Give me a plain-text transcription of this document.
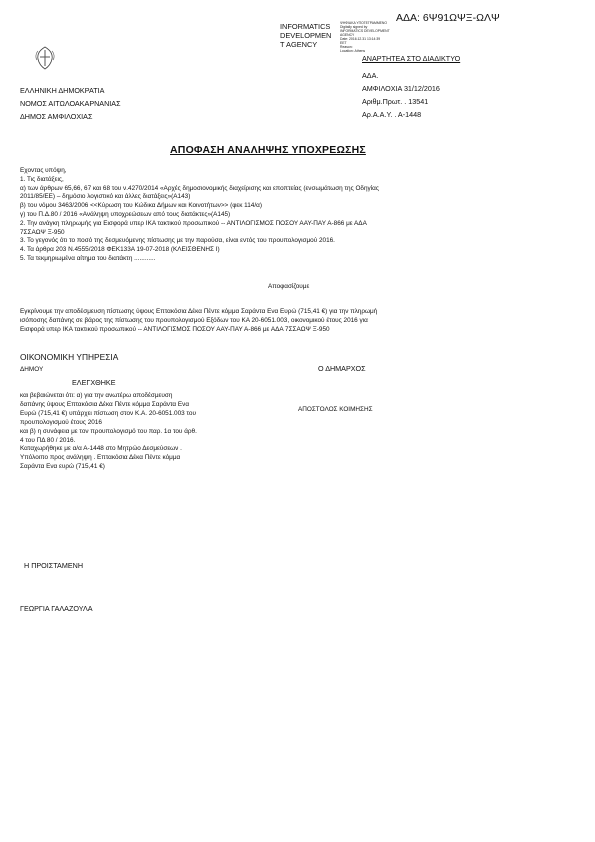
ΑΔΑ: 6Ψ91ΩΨΞ-ΩΛΨ
INFORMATICS
DEVELOPMEN
T AGENCY
ΨΗΦΙΑΚΑ ΥΠΟΓΕΓΡΑΜΜΕΝΟ
Digitally signed by
INFORMATICS DEVELOPMENT
AGENCY
Date: 2016.12.31 13:14:39
EET
Reason:
Location: Athens
ΑΝΑΡΤΗΤΕΑ ΣΤΟ ΔΙΑΔΙΚΤΥΟ
ΕΛΛΗΝΙΚΗ ΔΗΜΟΚΡΑΤΙΑ
ΝΟΜΟΣ ΑΙΤΩΛΟΑΚΑΡΝΑΝΙΑΣ
ΔΗΜΟΣ ΑΜΦΙΛΟΧΙΑΣ
ΑΔΑ.
ΑΜΦΙΛΟΧΙΑ 31/12/2016
Αριθμ.Πρωτ. . 13541
Αρ.Α.Α.Υ. . Α-1448
ΑΠΟΦΑΣΗ ΑΝΑΛΗΨΗΣ ΥΠΟΧΡΕΩΣΗΣ
Εχοντας υπόψη,
1. Τις διατάξεις,
α) των άρθρων 65,66, 67 και 68 του ν.4270/2014 «Αρχές δημοσιονομικής διαχείρισης και εποπτείας (ενσωμάτωση της Οδηγίας
2011/85/ΕΕ) – δημόσιο λογιστικό και άλλες διατάξεις»(Α143)
β) του νόμου 3463/2006 <<Κύρωση του Κώδικα Δήμων και Κοινοτήτων>> (φεκ 114/α)
γ) του Π.Δ.80 / 2016 «Ανάληψη υποχρεώσεων από τους διατάκτες»(Α145)
2. Την ανάγκη πληρωμής για Εισφορά υπερ ΙΚΑ τακτικού προσωπικού -- ΑΝΤΙΛΟΓΙΣΜΟΣ ΠΟΣΟΥ ΑΑΥ-ΠΑΥ Α-866 με ΑΔΑ
7ΣΣΑΩΨ Ξ-950
3. Το γεγονός ότι το ποσό της δεσμευόμενης πίστωσης με την παρούσα, είναι εντός του προυπολογισμού 2016.
4. Τα άρθρα 203 Ν.4555/2018 ΦΕΚ133Α 19-07-2018 (ΚΛΕΙΣΘΕΝΗΣ Ι)
5. Τα τεκμηριωμένα αίτημα του διατάκτη ............
Αποφασίζουμε
Εγκρίνουμε την αποδέσμευση πίστωσης ύψους Επτακόσια Δέκα Πέντε κόμμα Σαράντα Ενα Ευρώ (715,41 €) για την πληρωμή
ισόποσης δαπάνης σε βάρος της πίστωσης του προυπολογισμού Εξόδων του ΚΑ 20-6051.003, οικονομικού έτους 2016 για
Εισφορά υπερ ΙΚΑ τακτικού προσωπικού -- ΑΝΤΙΛΟΓΙΣΜΟΣ ΠΟΣΟΥ ΑΑΥ-ΠΑΥ Α-866 με ΑΔΑ 7ΣΣΑΩΨ Ξ-950
ΟΙΚΟΝΟΜΙΚΗ ΥΠΗΡΕΣΙΑ
ΔΗΜΟΥ
ΕΛΕΓΧΘΗΚΕ
και βεβαιώνεται ότι: α) για την ανωτέρω αποδέσμευση
δαπάνης ύψους Επτακόσια Δέκα Πέντε κόμμα Σαράντα Ενα
Ευρώ (715,41 €) υπάρχει πίστωση στον Κ.Α. 20-6051.003 του
προυπολογισμού έτους 2016
και β) η συνάφεια με τον προυπολογισμό του παρ. 1α του άρθ.
4 του ΠΔ 80 / 2016.
Καταχωρήθηκε με α/α Α-1448 στο Μητρώο Δεσμεύσεων .
Υπόλοιπο προς ανάληψη . Επτακόσια Δέκα Πέντε κόμμα
Σαράντα Ενα ευρώ (715,41 €)
Ο ΔΗΜΑΡΧΟΣ
ΑΠΟΣΤΟΛΟΣ ΚΟΙΜΗΣΗΣ
Η ΠΡΟΙΣΤΑΜΕΝΗ
ΓΕΩΡΓΙΑ ΓΑΛΑΖΟΥΛΑ
